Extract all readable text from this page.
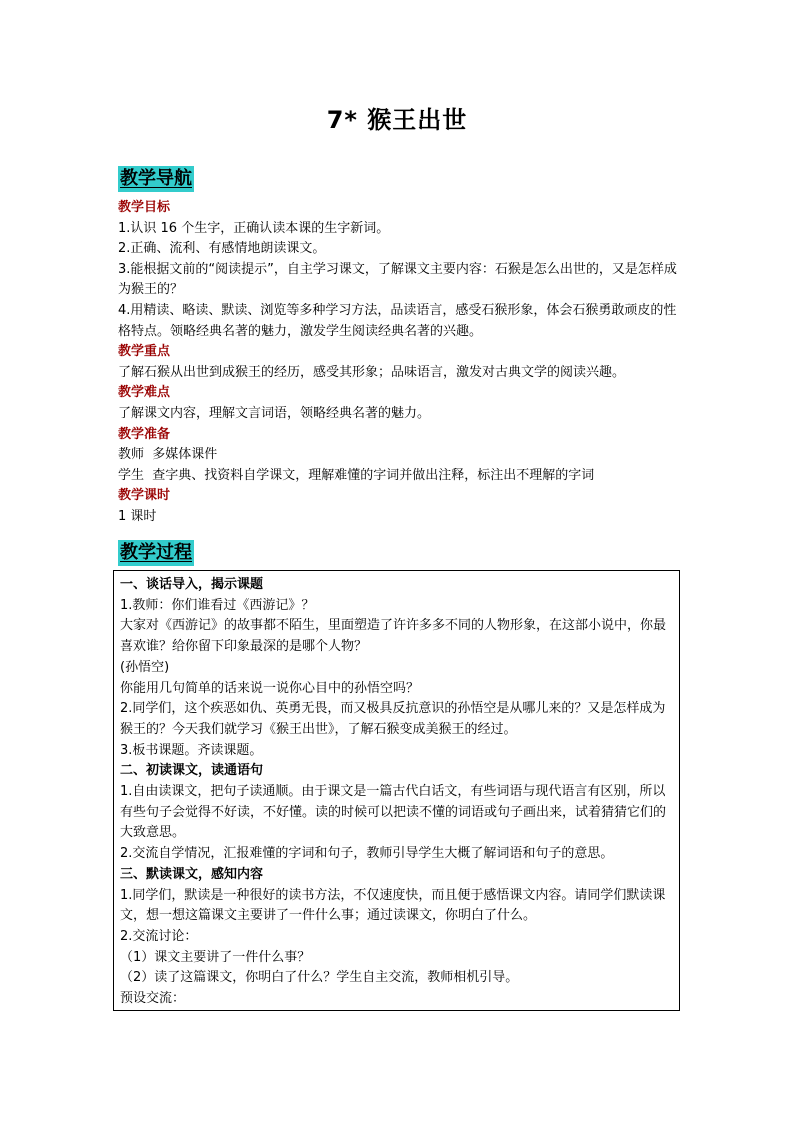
7* 猴王出世
教学导航

教学目标

1.认识 16 个生字，正确认读本课的生字新词。

2.正确、流利、有感情地朗读课文。

3.能根据文前的“阅读提示”，自主学习课文，了解课文主要内容：石猴是怎么出世的，又是怎样成为猴王的？

4.用精读、略读、默读、浏览等多种学习方法，品读语言，感受石猴形象，体会石猴勇敢顽皮的性格特点。领略经典名著的魅力，激发学生阅读经典名著的兴趣。

教学重点

了解石猴从出世到成猴王的经历，感受其形象；品味语言，激发对古典文学的阅读兴趣。

教学难点

了解课文内容，理解文言词语，领略经典名著的魅力。

教学准备

教师  多媒体课件

学生  查字典、找资料自学课文，理解难懂的字词并做出注释，标注出不理解的字词

教学课时

1 课时

教学过程

一、谈话导入，揭示课题

1.教师：你们谁看过《西游记》？

大家对《西游记》的故事都不陌生，里面塑造了许许多多不同的人物形象，在这部小说中，你最喜欢谁？给你留下印象最深的是哪个人物？

(孙悟空)

你能用几句简单的话来说一说你心目中的孙悟空吗？

2.同学们，这个疾恶如仇、英勇无畏，而又极具反抗意识的孙悟空是从哪儿来的？又是怎样成为猴王的？今天我们就学习《猴王出世》，了解石猴变成美猴王的经过。

3.板书课题。齐读课题。

二、初读课文，读通语句

1.自由读课文，把句子读通顺。由于课文是一篇古代白话文，有些词语与现代语言有区别，所以有些句子会觉得不好读，不好懂。读的时候可以把读不懂的词语或句子画出来，试着猜猜它们的大致意思。

2.交流自学情况，汇报难懂的字词和句子，教师引导学生大概了解词语和句子的意思。

三、默读课文，感知内容

1.同学们，默读是一种很好的读书方法，不仅速度快，而且便于感悟课文内容。请同学们默读课文，想一想这篇课文主要讲了一件什么事；通过读课文，你明白了什么。

2.交流讨论：

（1）课文主要讲了一件什么事？

（2）读了这篇课文，你明白了什么？学生自主交流，教师相机引导。

预设交流：
